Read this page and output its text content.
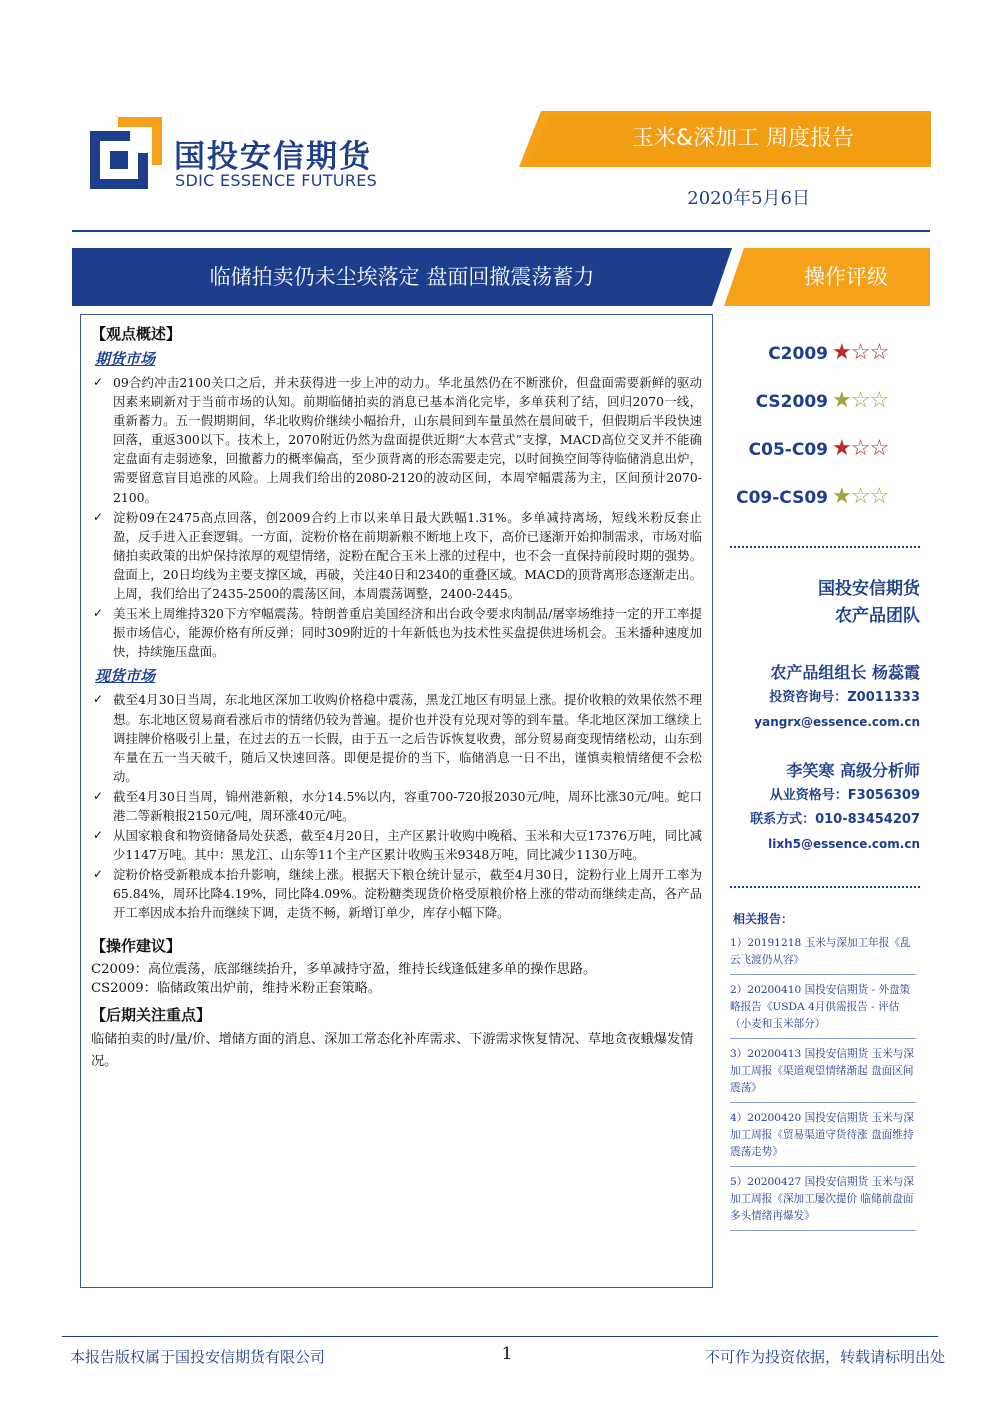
国投安信期货
SDIC ESSENCE FUTURES
玉米&深加工 周度报告
2020年5月6日
临储拍卖仍未尘埃落定 盘面回撤震荡蓄力	操作评级
【观点概述】
期货市场
✓ 09合约冲击2100关口之后，并未获得进一步上冲的动力。华北虽然仍在不断涨价，但盘面需要新鲜的驱动因素来刷新对于当前市场的认知。前期临储拍卖的消息已基本消化完毕，多单获利了结，回归2070一线，重新蓄力。五一假期期间，华北收购价继续小幅抬升，山东晨间到车量虽然在晨间破千，但假期后半段快速回落，重返300以下。技术上，2070附近仍然为盘面提供近期“大本营式”支撑，MACD高位交叉并不能确定盘面有走弱迹象，回撤蓄力的概率偏高，至少顶背离的形态需要走完，以时间换空间等待临储消息出炉，需要留意盲目追涨的风险。上周我们给出的2080-2120的波动区间，本周窄幅震荡为主，区间预计2070-2100。
✓ 淀粉09在2475高点回落，创2009合约上市以来单日最大跌幅1.31%。多单减持离场，短线米粉反套止盈，反手进入正套逻辑。一方面，淀粉价格在前期新粮不断地上攻下，高价已逐渐开始抑制需求，市场对临储拍卖政策的出炉保持浓厚的观望情绪，淀粉在配合玉米上涨的过程中，也不会一直保持前段时期的强势。盘面上，20日均线为主要支撑区域，再破，关注40日和2340的重叠区域。MACD的顶背离形态逐渐走出。上周，我们给出了2435-2500的震荡区间，本周震荡调整，2400-2445。
✓ 美玉米上周维持320下方窄幅震荡。特朗普重启美国经济和出台政令要求肉制品/屠宰场维持一定的开工率提振市场信心，能源价格有所反弹；同时309附近的十年新低也为技术性买盘提供进场机会。玉米播种速度加快，持续施压盘面。
现货市场
✓ 截至4月30日当周，东北地区深加工收购价格稳中震荡，黑龙江地区有明显上涨。提价收粮的效果依然不理想。东北地区贸易商看涨后市的情绪仍较为普遍。提价也并没有兑现对等的到车量。华北地区深加工继续上调挂牌价格吸引上量，在过去的五一长假，由于五一之后告诉恢复收费，部分贸易商变现情绪松动，山东到车量在五一当天破千，随后又快速回落。即便是提价的当下，临储消息一日不出，谨慎卖粮情绪便不会松动。
✓ 截至4月30日当周，锦州港新粮，水分14.5%以内，容重700-720报2030元/吨，周环比涨30元/吨。蛇口港二等新粮报2150元/吨，周环涨40元/吨。
✓ 从国家粮食和物资储备局处获悉，截至4月20日，主产区累计收购中晚稻、玉米和大豆17376万吨，同比减少1147万吨。其中：黑龙江、山东等11个主产区累计收购玉米9348万吨，同比减少1130万吨。
✓ 淀粉价格受新粮成本抬升影响，继续上涨。根据天下粮仓统计显示，截至4月30日，淀粉行业上周开工率为65.84%，周环比降4.19%，同比降4.09%。淀粉糖类现货价格受原粮价格上涨的带动而继续走高，各产品开工率因成本抬升而继续下调，走货不畅，新增订单少，库存小幅下降。
【操作建议】
C2009：高位震荡，底部继续抬升，多单减持守盈，维持长线逢低建多单的操作思路。
CS2009：临储政策出炉前，维持米粉正套策略。
【后期关注重点】
临储拍卖的时/量/价、增储方面的消息、深加工常态化补库需求、下游需求恢复情况、草地贪夜蛾爆发情况。
C2009 ★☆☆
CS2009 ★☆☆
C05-C09 ★☆☆
C09-CS09 ★☆☆
国投安信期货
农产品团队
农产品组组长 杨蕊霞
投资咨询号：Z0011333
yangrx@essence.com.cn
李笑寒 高级分析师
从业资格号：F3056309
联系方式：010-83454207
lixh5@essence.com.cn
相关报告：
1）20191218 玉米与深加工年报《乱云飞渡仍从容》
2）20200410 国投安信期货 - 外盘策略报告《USDA 4月供需报告 - 评估（小麦和玉米部分）
3）20200413 国投安信期货 玉米与深加工周报《渠道观望情绪渐起 盘面区间震荡》
4）20200420 国投安信期货 玉米与深加工周报《贸易渠道守货待涨 盘面维持震荡走势》
5）20200427 国投安信期货 玉米与深加工周报《深加工屡次提价 临储前盘面多头情绪再爆发》
本报告版权属于国投安信期货有限公司	1	不可作为投资依据，转载请标明出处
